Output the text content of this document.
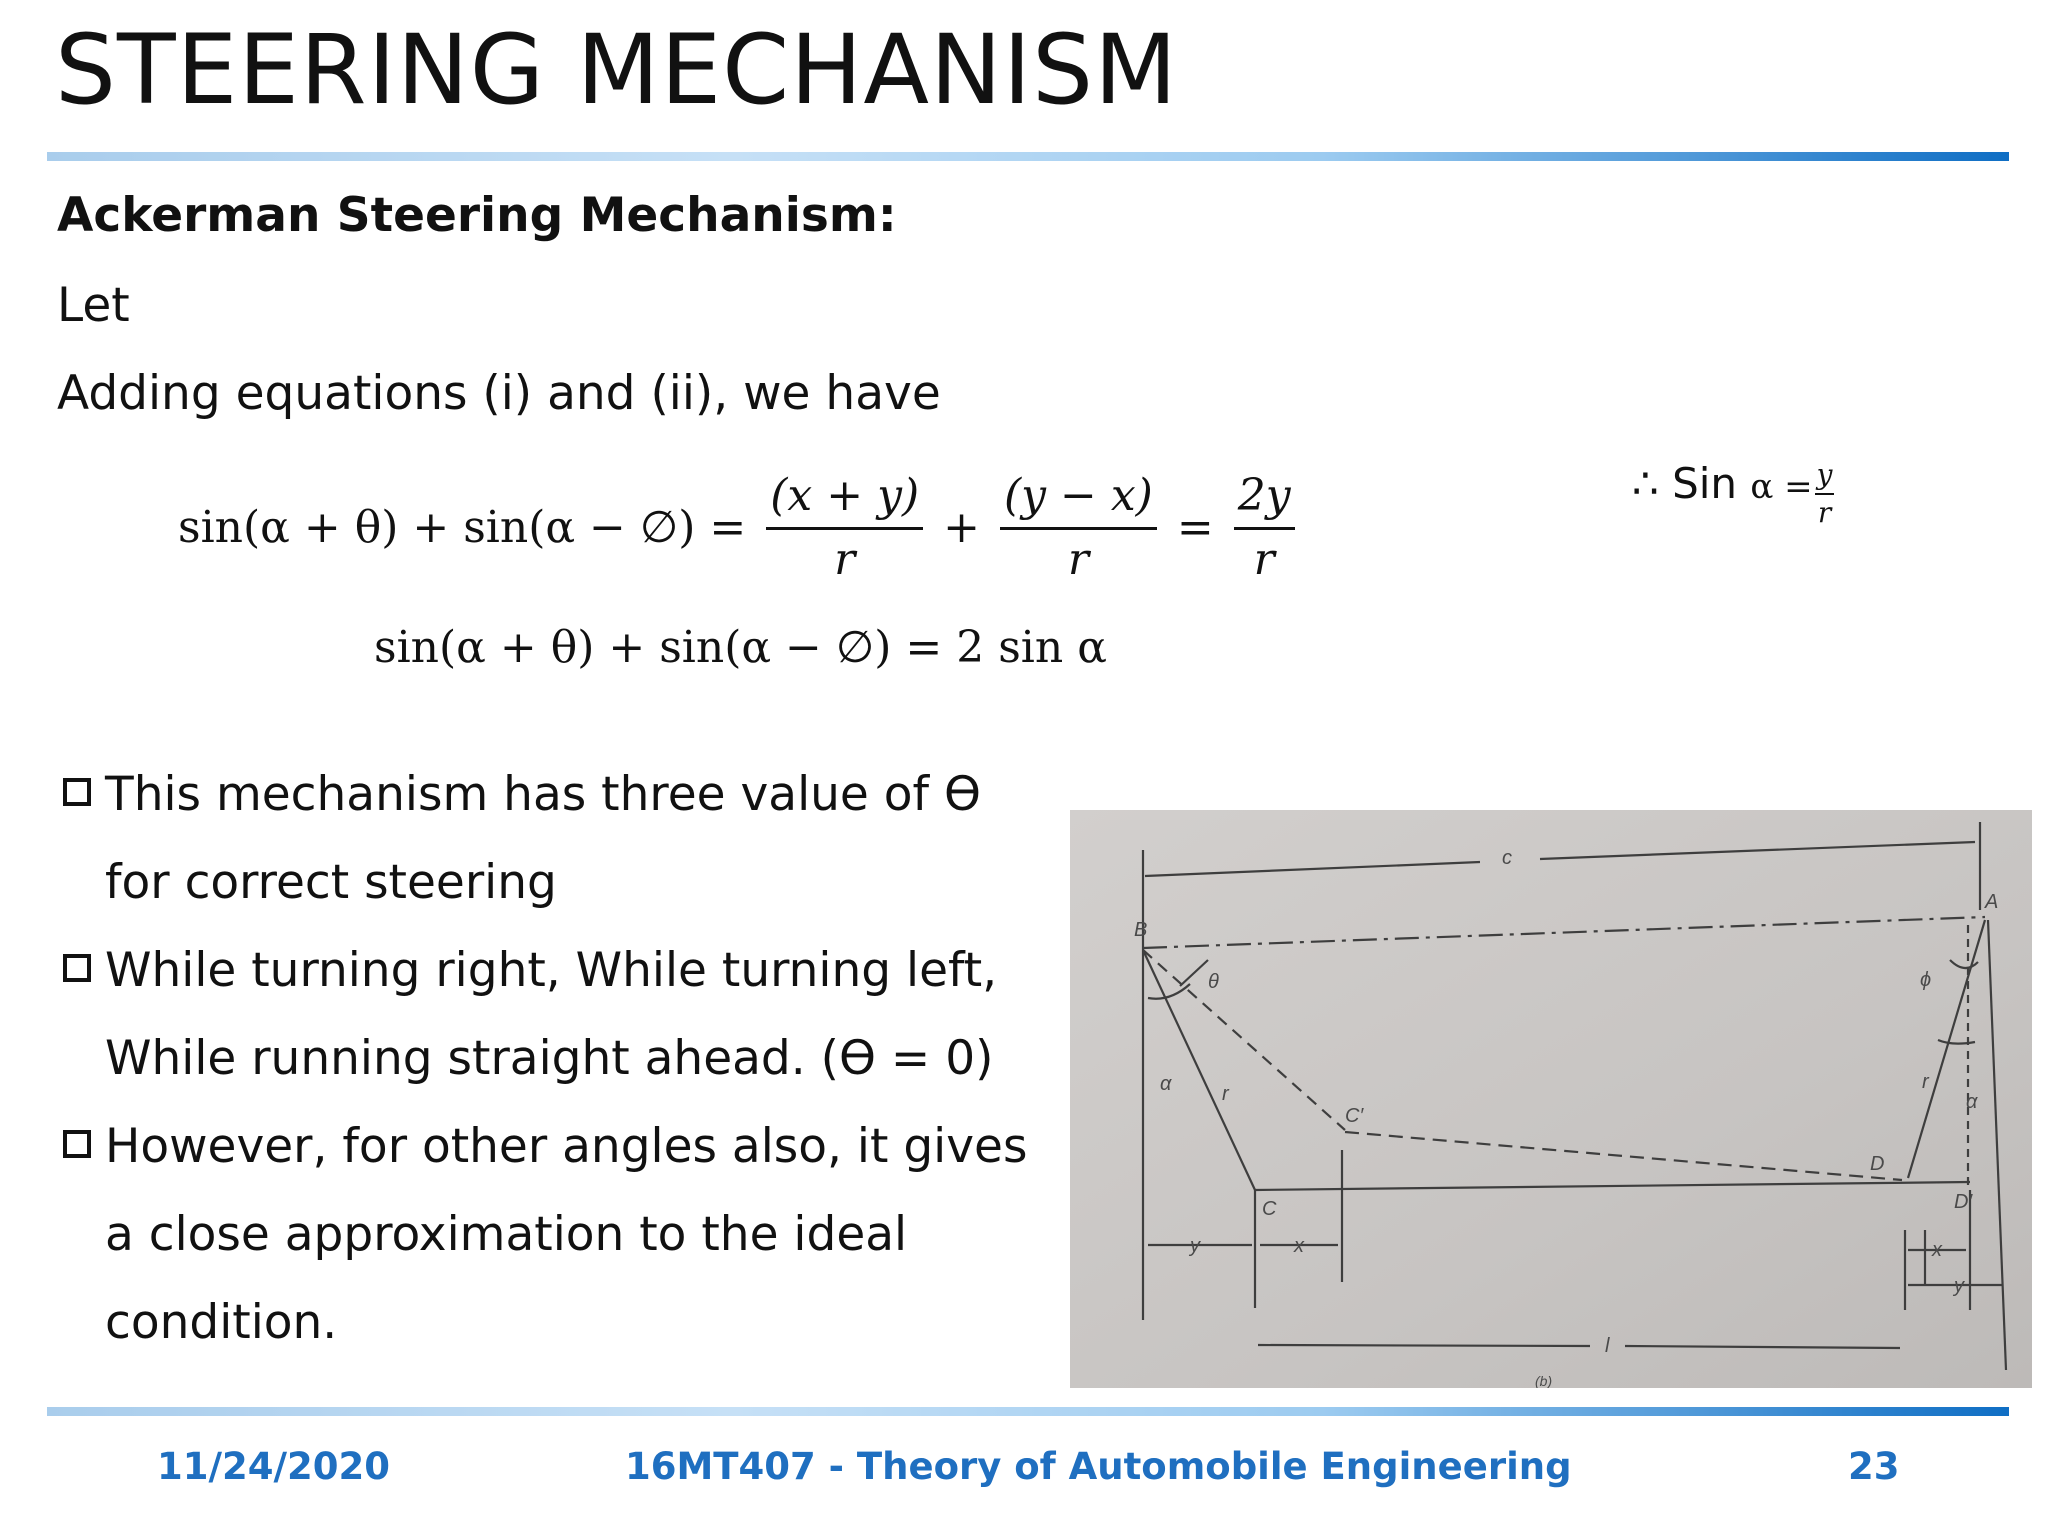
STEERING MECHANISM
Ackerman Steering Mechanism:
Let
Adding equations (i) and (ii), we have
∴ Sin $\alpha = \frac{y}{r}$
sin(α + θ) + sin(α − ∅) = $\frac{(x + y)}{r} + \frac{(y - x)}{r} = \frac{2y}{r}$
sin(α + θ) + sin(α − ∅) = 2 sin α
This mechanism has three value of ϴ
for correct steering
While turning right, While turning left,
While running straight ahead. (ϴ = 0)
However, for other angles also, it gives
a close approximation to the ideal
condition.
c
A
B
θ	ϕ
α
α
r
r
C′
D
C	D′
y	x	x
y
l
(b)
11/24/2020	16MT407 - Theory of Automobile Engineering	23
